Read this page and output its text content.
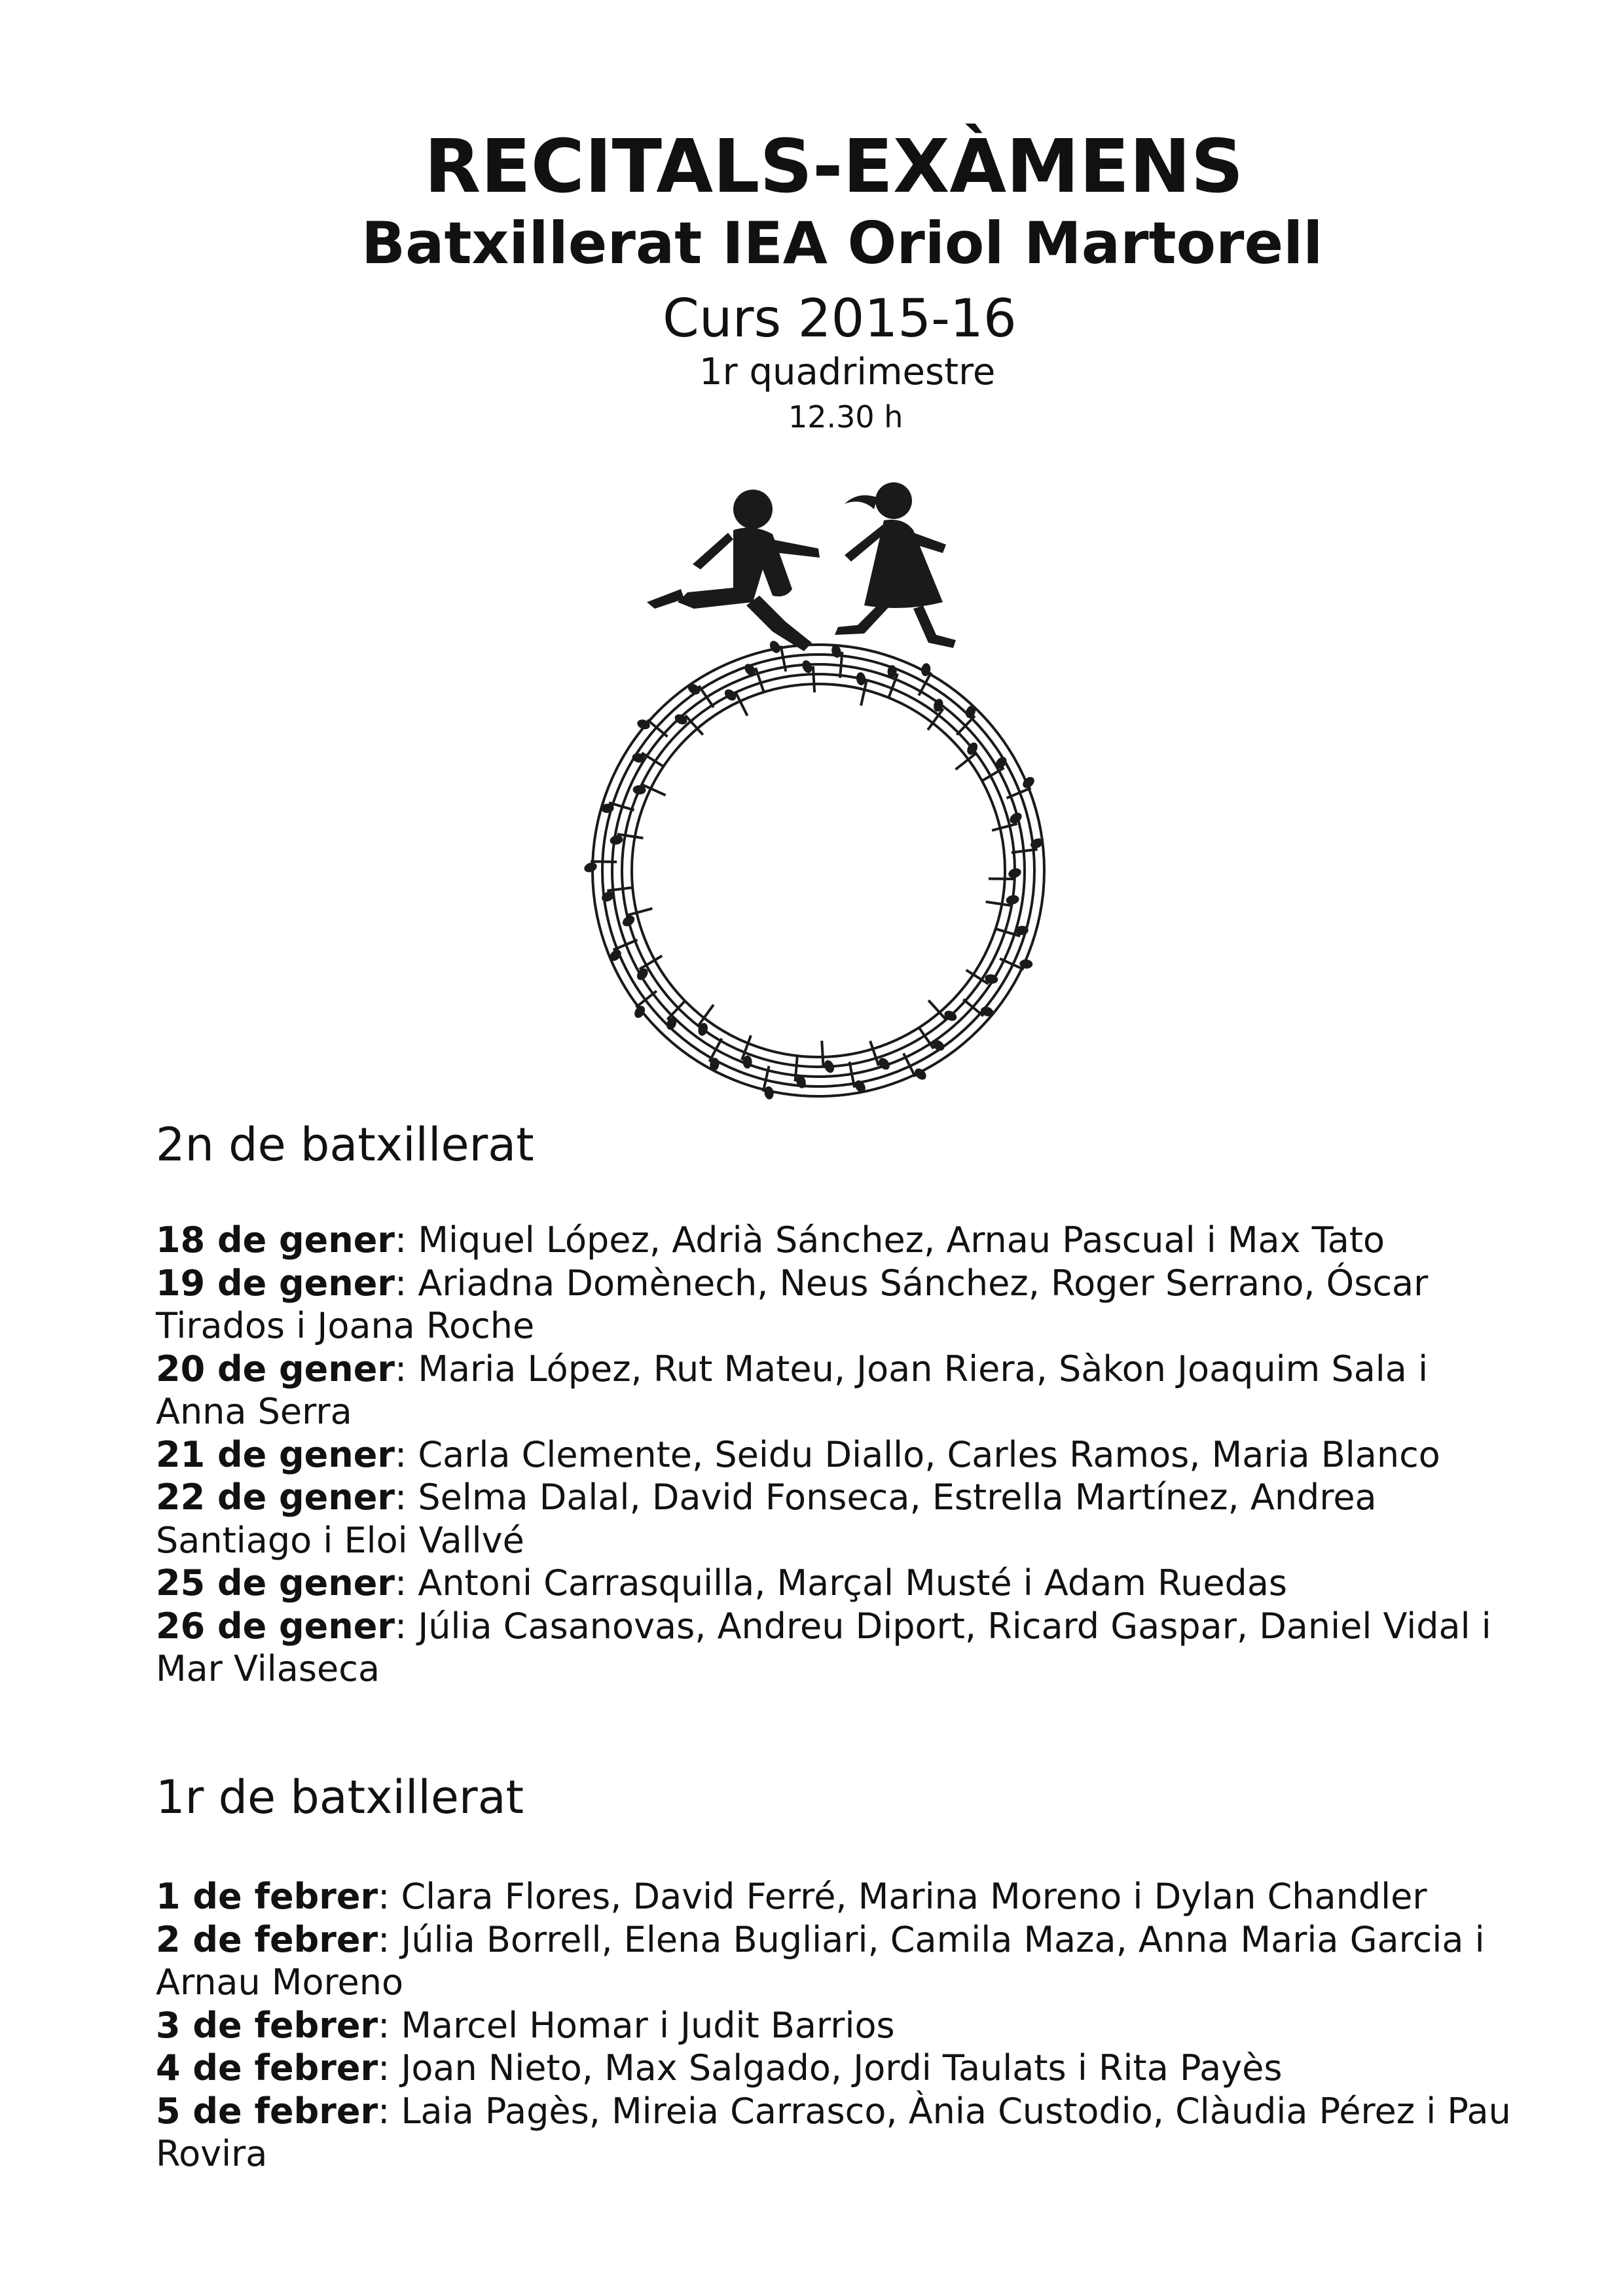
RECITALS-EXÀMENS
Batxillerat IEA Oriol Martorell
Curs 2015-16
1r quadrimestre
12.30 h
2n de batxillerat
18 de gener: Miquel López, Adrià Sánchez, Arnau Pascual i Max Tato
19 de gener: Ariadna Domènech, Neus Sánchez, Roger Serrano, Óscar Tirados i Joana Roche
20 de gener: Maria López, Rut Mateu, Joan Riera, Sàkon Joaquim Sala i Anna Serra
21 de gener: Carla Clemente, Seidu Diallo, Carles Ramos, Maria Blanco
22 de gener: Selma Dalal, David Fonseca, Estrella Martínez, Andrea Santiago i Eloi Vallvé
25 de gener: Antoni Carrasquilla, Marçal Musté i Adam Ruedas
26 de gener: Júlia Casanovas, Andreu Diport, Ricard Gaspar, Daniel Vidal i Mar Vilaseca
1r de batxillerat
1 de febrer: Clara Flores, David Ferré, Marina Moreno i Dylan Chandler
2 de febrer: Júlia Borrell, Elena Bugliari, Camila Maza, Anna Maria Garcia i Arnau Moreno
3 de febrer: Marcel Homar i Judit Barrios
4 de febrer: Joan Nieto, Max Salgado, Jordi Taulats i Rita Payès
5 de febrer: Laia Pagès, Mireia Carrasco, Ània Custodio, Clàudia Pérez i Pau Rovira
